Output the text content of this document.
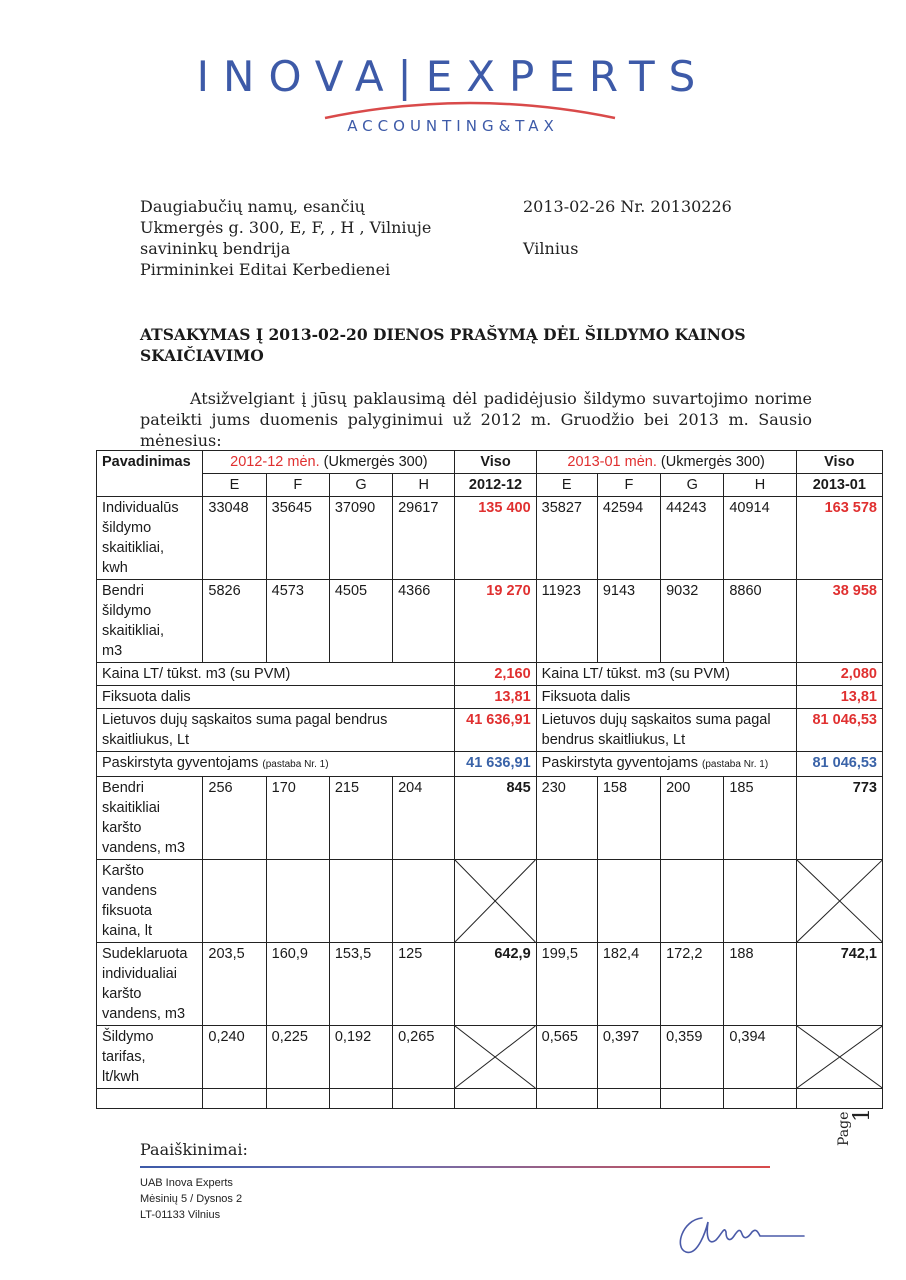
INOVA|EXPERTS
ACCOUNTING&TAX
Daugiabučių namų, esančių
Ukmergės g. 300, E, F, , H , Vilniuje
savininkų bendrija
Pirmininkei Editai Kerbedienei
2013-02-26 Nr. 20130226
Vilnius
ATSAKYMAS Į 2013-02-20 DIENOS PRAŠYMĄ DĖL ŠILDYMO KAINOS
SKAIČIAVIMO
Atsižvelgiant į jūsų paklausimą dėl padidėjusio šildymo suvartojimo norime
pateikti jums duomenis palyginimui už 2012 m. Gruodžio bei 2013 m. Sausio
mėnesius:
Pavadinimas	2012-12 mėn. (Ukmergės 300)				Viso	2013-01 mėn. (Ukmergės 300)				Viso
	E	F	G	H	2012-12	E	F	G	H	2013-01
Individualūs
šildymo
skaitikliai,
kwh	33048	35645	37090	29617	135 400	35827	42594	44243	40914	163 578
Bendri
šildymo
skaitikliai,
m3	5826	4573	4505	4366	19 270	11923	9143	9032	8860	38 958
Kaina LT/ tūkst. m3 (su PVM)					2,160	Kaina LT/ tūkst. m3 (su PVM)				2,080
Fiksuota dalis					13,81	Fiksuota dalis				13,81
Lietuvos dujų sąskaitos suma pagal bendrus skaitliukus, Lt					41 636,91	Lietuvos dujų sąskaitos suma pagal bendrus skaitliukus, Lt				81 046,53
Paskirstyta gyventojams (pastaba Nr. 1)					41 636,91	Paskirstyta gyventojams (pastaba Nr. 1)				81 046,53
Bendri
skaitikliai
karšto
vandens, m3	256	170	215	204	845	230	158	200	185	773
Karšto
vandens
fiksuota
kaina, lt					

Sudeklaruota
individualiai
karšto
vandens, m3	203,5	160,9	153,5	125	642,9	199,5	182,4	172,2	188	742,1
Šildymo
tarifas,
lt/kwh	0,240	0,225	0,192	0,265		0,565	0,397	0,359	0,394	

Page
1
Paaiškinimai:
UAB Inova Experts
Mėsinių 5 / Dysnos 2
LT-01133 Vilnius
